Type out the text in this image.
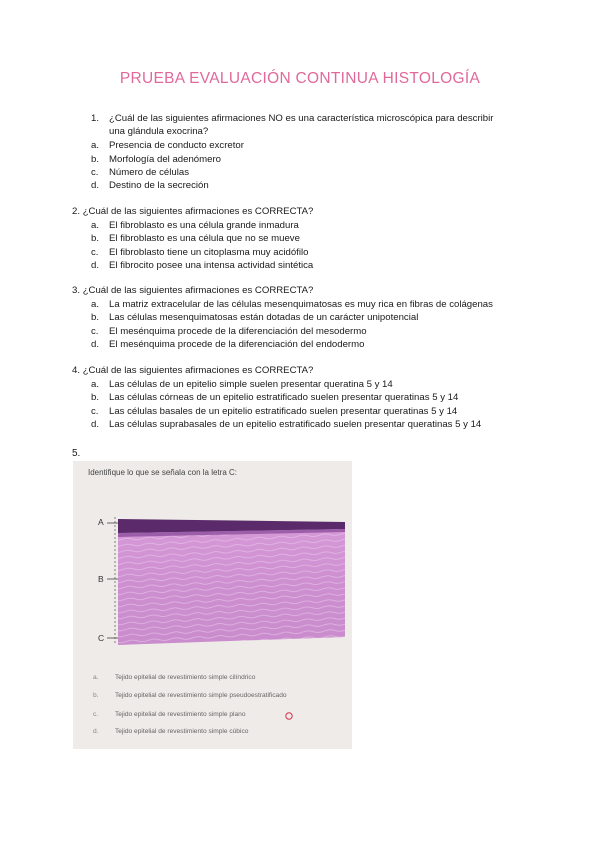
PRUEBA EVALUACIÓN CONTINUA HISTOLOGÍA
1.	¿Cuál de las siguientes afirmaciones NO es una característica microscópica para describir una glándula exocrina?
a.	Presencia de conducto excretor
b.	Morfología del adenómero
c.	Número de células
d.	Destino de la secreción
2. ¿Cuál de las siguientes afirmaciones es CORRECTA?
a.	El fibroblasto es una célula grande inmadura
b.	El fibroblasto es una célula que no se mueve
c.	El fibroblasto tiene un citoplasma muy acidófilo
d.	El fibrocito posee una intensa actividad sintética
3. ¿Cuál de las siguientes afirmaciones es CORRECTA?
a.	La matriz extracelular de las células mesenquimatosas es muy rica en fibras de colágenas
b.	Las células mesenquimatosas están dotadas de un carácter unipotencial
c.	El mesénquima procede de la diferenciación del mesodermo
d.	El mesénquima procede de la diferenciación del endodermo
4. ¿Cuál de las siguientes afirmaciones es CORRECTA?
a.	Las células de un epitelio simple suelen presentar queratina 5 y 14
b.	Las células córneas de un epitelio estratificado suelen presentar queratinas 5 y 14
c.	Las células basales de un epitelio estratificado suelen presentar queratinas 5 y 14
d.	Las células suprabasales de un epitelio estratificado suelen presentar queratinas 5 y 14
5.
Identifique lo que se señala con la letra C:
A
B
C
a.	Tejido epitelial de revestimiento simple cilíndrico
b.	Tejido epitelial de revestimiento simple pseudoestratificado
c.	Tejido epitelial de revestimiento simple plano
d.	Tejido epitelial de revestimiento simple cúbico
